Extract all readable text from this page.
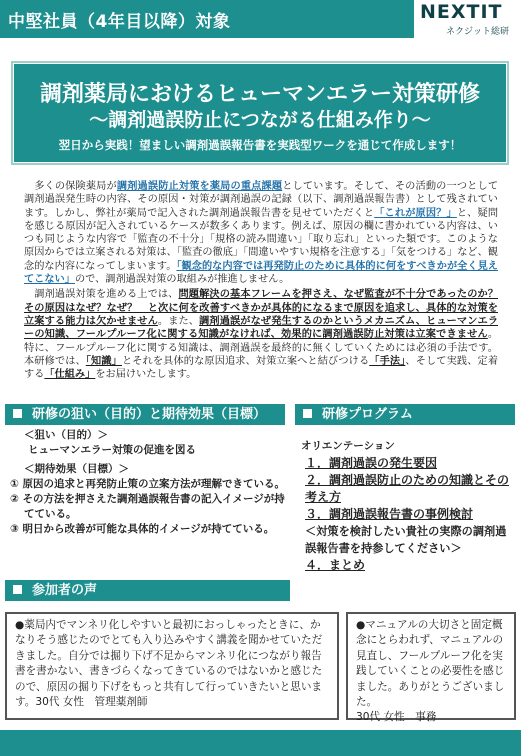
中堅社員（4年目以降）対象	NEXTIT
ネクジット総研
調剤薬局におけるヒューマンエラー対策研修
～調剤過誤防止につながる仕組み作り～
翌日から実践！望ましい調剤過誤報告書を実践型ワークを通じて作成します！

多くの保険薬局が調剤過誤防止対策を薬局の重点課題としています。そして、その活動の一つとして調剤過誤発生時の内容、その原因・対策が調剤過誤の記録（以下、調剤過誤報告書）として残されています。しかし、弊社が薬局で記入された調剤過誤報告書を見せていただくと「これが原因？」と、疑問を感じる原因が記入されているケースが数多くあります。例えば、原因の欄に書かれている内容は、いつも同じような内容で「監査の不十分」「規格の読み間違い」「取り忘れ」といった類です。このような原因からでは立案される対策は、「監査の徹底」「間違いやすい規格を注意する」「気をつける」など、観念的な内容になってしまいます。「観念的な内容では再発防止のために具体的に何をすべきかが全く見えてこない」ので、調剤過誤対策の取組みが推進しません。

調剤過誤対策を進める上では、問題解決の基本フレームを押さえ、なぜ監査が不十分であったのか？その原因はなぜ？なぜ？　と次に何を改善すべきかが具体的になるまで原因を追求し、具体的な対策を立案する能力は欠かせません。また、調剤過誤がなぜ発生するのかというメカニズム、ヒューマンエラーの知識、フールプルーフ化に関する知識がなければ、効果的に調剤過誤防止対策は立案できません。特に、フールプルーフ化に関する知識は、調剤過誤を最終的に無くしていくためには必須の手法です。本研修では、「知識」とそれを具体的な原因追求、対策立案へと結びつける「手法」、そして実践、定着する「仕組み」をお届けいたします。

研修の狙い（目的）と期待効果（目標）	研修プログラム
＜狙い（目的）＞
ヒューマンエラー対策の促進を図る
＜期待効果（目標）＞
① 原因の追求と再発防止策の立案方法が理解できている。
② その方法を押さえた調剤過誤報告書の記入イメージが持てている。
③ 明日から改善が可能な具体的イメージが持てている。
オリエンテーション
１．調剤過誤の発生要因
２．調剤過誤防止のための知識とその考え方
３．調剤過誤報告書の事例検討
＜対策を検討したい貴社の実際の調剤過誤報告書を持参してください＞
４．まとめ
参加者の声
●薬局内でマンネリ化しやすいと最初におっしゃったときに、かなりそう感じたのでとても入り込みやすく講義を聞かせていただきました。自分では掘り下げ不足からマンネリ化につながり報告書を書かない、書きづらくなってきているのではないかと感じたので、原因の掘り下げをもっと共有して行っていきたいと思います。30代 女性　管理薬剤師
●マニュアルの大切さと固定概念にとらわれず、マニュアルの見直し、フールプルーフ化を実践していくことの必要性を感じました。ありがとうございました。
30代 女性　事務
